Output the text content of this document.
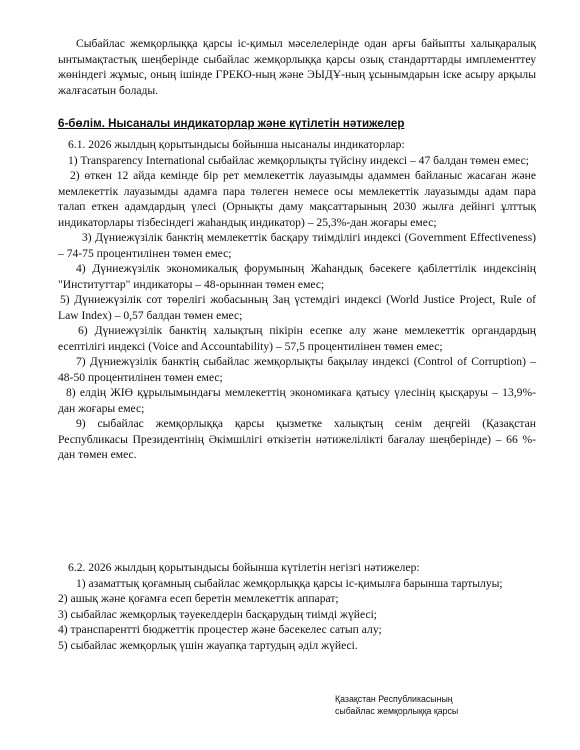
Сыбайлас жемқорлыққа қарсы іс-қимыл мәселелерінде одан арғы байыпты халықаралық ынтымақтастық шеңберінде сыбайлас жемқорлыққа қарсы озық стандарттарды имплементтеу жөніндегі жұмыс, оның ішінде ГРЕКО-ның және ЭЫДҰ-ның ұсынымдарын іске асыру арқылы жалғасатын болады.

6-бөлім. Нысаналы индикаторлар және күтілетін нәтижелер
6.1. 2026 жылдың қорытындысы бойынша нысаналы индикаторлар:
1) Transparency International сыбайлас жемқорлықты түйсіну индексі – 47 балдан төмен емес;
2) өткен 12 айда кемінде бір рет мемлекеттік лауазымды адаммен байланыс жасаған және мемлекеттік лауазымды адамға пара төлеген немесе осы мемлекеттік лауазымды адам пара талап еткен адамдардың үлесі (Орнықты даму мақсаттарының 2030 жылға дейінгі ұлттық индикаторлары тізбесіндегі жаһандық индикатор) – 25,3%-дан жоғары емес;
3) Дүниежүзілік банктің мемлекеттік басқару тиімділігі индексі (Government Effectiveness) – 74-75 процентилінен төмен емес;
4) Дүниежүзілік экономикалық форумының Жаһандық бәсекеге қабілеттілік индексінің "Институттар" индикаторы – 48-орыннан төмен емес;
5) Дүниежүзілік сот төрелігі жобасының Заң үстемдігі индексі (World Justice Project, Rule of Law Index) – 0,57 балдан төмен емес;
6) Дүниежүзілік банктің халықтың пікірін есепке алу және мемлекеттік органдардың есептілігі индексі (Voice and Accountability) – 57,5 процентилінен төмен емес;
7) Дүниежүзілік банктің сыбайлас жемқорлықты бақылау индексі (Control of Corruption) – 48-50 процентилінен төмен емес;
8) елдің ЖІӨ құрылымындағы мемлекеттің экономикаға қатысу үлесінің қысқаруы – 13,9%-дан жоғары емес;
9) сыбайлас жемқорлыққа қарсы қызметке халықтың сенім деңгейі (Қазақстан Республикасы Президентінің Әкімшілігі өткізетін нәтижелілікті бағалау шеңберінде) – 66 %-дан төмен емес.
6.2. 2026 жылдың қорытындысы бойынша күтілетін негізгі нәтижелер:
1) азаматтық қоғамның сыбайлас жемқорлыққа қарсы іс-қимылға барынша тартылуы;
2) ашық және қоғамға есеп беретін мемлекеттік аппарат;
3) сыбайлас жемқорлық тәуекелдерін басқарудың тиімді жүйесі;
4) транспаренттi бюджеттік процестер және бәсекелес сатып алу;
5) сыбайлас жемқорлық үшін жауапқа тартудың әділ жүйесі.
Қазақстан Республикасының
сыбайлас жемқорлыққа қарсы
